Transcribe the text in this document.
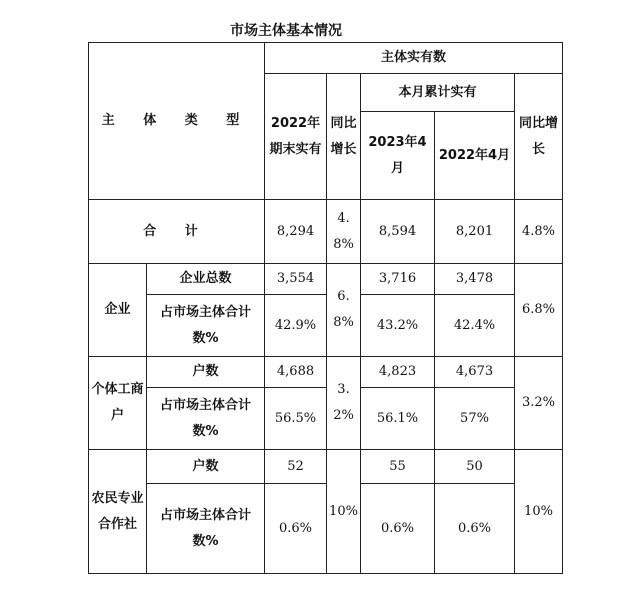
市场主体基本情况
主 体 类 型		主体实有数				

		2022年期末实有	同比增长	本月累计实有		同比增长

				2023年4月	2022年4月	

合 计		8,294	4.8%	8,594	8,201	4.8%
企业	企业总数	3,554	6.8%	3,716	3,478	6.8%

	占市场主体合计数%	42.9%		43.2%	42.4%	

个体工商户	户数	4,688	3.2%	4,823	4,673	3.2%

	占市场主体合计数%	56.5%		56.1%	57%	

农民专业合作社	户数	52	10%	55	50	10%

	占市场主体合计数%	0.6%		0.6%	0.6%	
